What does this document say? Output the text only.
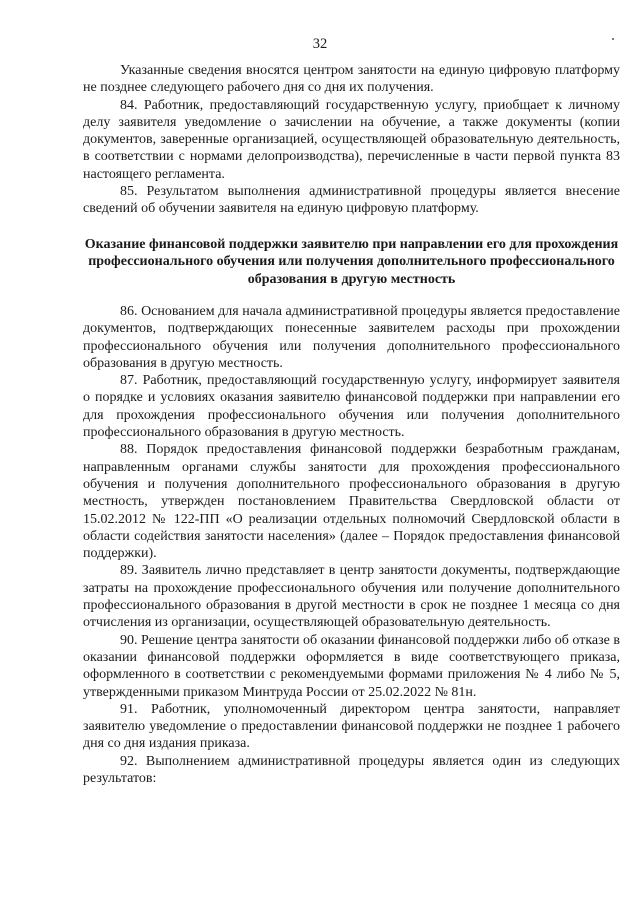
32

Указанные сведения вносятся центром занятости на единую цифровую платформу не позднее следующего рабочего дня со дня их получения.

84. Работник, предоставляющий государственную услугу, приобщает к личному делу заявителя уведомление о зачислении на обучение, а также документы (копии документов, заверенные организацией, осуществляющей образовательную деятельность, в соответствии с нормами делопроизводства), перечисленные в части первой пункта 83 настоящего регламента.

85. Результатом выполнения административной процедуры является внесение сведений об обучении заявителя на единую цифровую платформу.

Оказание финансовой поддержки заявителю при направлении его для прохождения профессионального обучения или получения дополнительного профессионального образования в другую местность

86. Основанием для начала административной процедуры является предоставление документов, подтверждающих понесенные заявителем расходы при прохождении профессионального обучения или получения дополнительного профессионального образования в другую местность.

87. Работник, предоставляющий государственную услугу, информирует заявителя о порядке и условиях оказания заявителю финансовой поддержки при направлении его для прохождения профессионального обучения или получения дополнительного профессионального образования в другую местность.

88. Порядок предоставления финансовой поддержки безработным гражданам, направленным органами службы занятости для прохождения профессионального обучения и получения дополнительного профессионального образования в другую местность, утвержден постановлением Правительства Свердловской области от 15.02.2012 № 122-ПП «О реализации отдельных полномочий Свердловской области в области содействия занятости населения» (далее – Порядок предоставления финансовой поддержки).

89. Заявитель лично представляет в центр занятости документы, подтверждающие затраты на прохождение профессионального обучения или получение дополнительного профессионального образования в другой местности в срок не позднее 1 месяца со дня отчисления из организации, осуществляющей образовательную деятельность.

90. Решение центра занятости об оказании финансовой поддержки либо об отказе в оказании финансовой поддержки оформляется в виде соответствующего приказа, оформленного в соответствии с рекомендуемыми формами приложения № 4 либо № 5, утвержденными приказом Минтруда России от 25.02.2022 № 81н.

91. Работник, уполномоченный директором центра занятости, направляет заявителю уведомление о предоставлении финансовой поддержки не позднее 1 рабочего дня со дня издания приказа.

92. Выполнением административной процедуры является один из следующих результатов:
